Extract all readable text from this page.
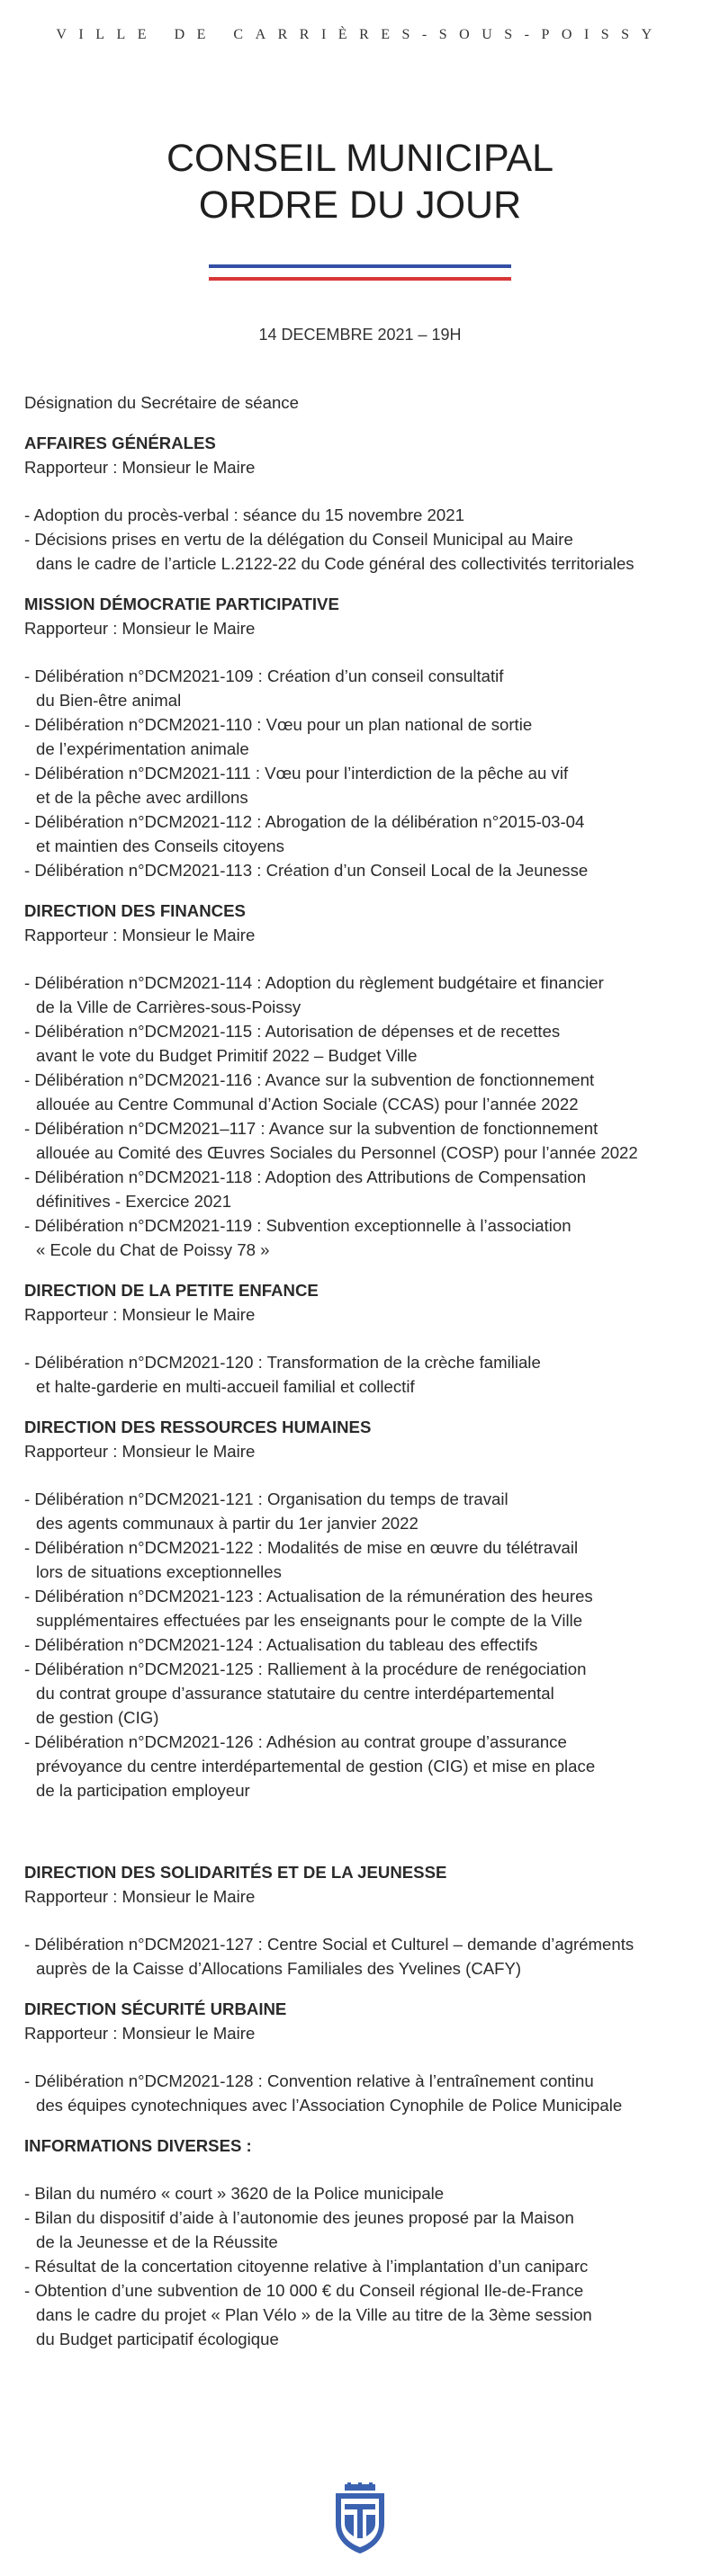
VILLE DE CARRIÈRES-SOUS-POISSY
CONSEIL MUNICIPAL
ORDRE DU JOUR
14 DECEMBRE 2021 – 19H

Désignation du Secrétaire de séance

AFFAIRES GÉNÉRALES

Rapporteur : Monsieur le Maire

- Adoption du procès-verbal : séance du 15 novembre 2021
- Décisions prises en vertu de la délégation du Conseil Municipal au Maire
dans le cadre de l’article L.2122-22 du Code général des collectivités territoriales

MISSION DÉMOCRATIE PARTICIPATIVE

Rapporteur : Monsieur le Maire

- Délibération n°DCM2021-109 : Création d’un conseil consultatif
du Bien-être animal
- Délibération n°DCM2021-110 : Vœu pour un plan national de sortie
de l’expérimentation animale
- Délibération n°DCM2021-111 : Vœu pour l’interdiction de la pêche au vif
et de la pêche avec ardillons
- Délibération n°DCM2021-112 : Abrogation de la délibération n°2015-03-04
et maintien des Conseils citoyens
- Délibération n°DCM2021-113 : Création d’un Conseil Local de la Jeunesse

DIRECTION DES FINANCES

Rapporteur : Monsieur le Maire

- Délibération n°DCM2021-114 : Adoption du règlement budgétaire et financier
de la Ville de Carrières-sous-Poissy
- Délibération n°DCM2021-115 : Autorisation de dépenses et de recettes
avant le vote du Budget Primitif 2022 – Budget Ville
- Délibération n°DCM2021-116 : Avance sur la subvention de fonctionnement
allouée au Centre Communal d’Action Sociale (CCAS) pour l’année 2022
- Délibération n°DCM2021–117 : Avance sur la subvention de fonctionnement
allouée au Comité des Œuvres Sociales du Personnel (COSP) pour l’année 2022
- Délibération n°DCM2021-118 : Adoption des Attributions de Compensation
définitives - Exercice 2021
- Délibération n°DCM2021-119 : Subvention exceptionnelle à l’association
« Ecole du Chat de Poissy 78 »

DIRECTION DE LA PETITE ENFANCE

Rapporteur : Monsieur le Maire

- Délibération n°DCM2021-120 : Transformation de la crèche familiale
et halte-garderie en multi-accueil familial et collectif

DIRECTION DES RESSOURCES HUMAINES

Rapporteur : Monsieur le Maire

- Délibération n°DCM2021-121 : Organisation du temps de travail
des agents communaux à partir du 1er janvier 2022
- Délibération n°DCM2021-122 : Modalités de mise en œuvre du télétravail
lors de situations exceptionnelles
- Délibération n°DCM2021-123 : Actualisation de la rémunération des heures
supplémentaires effectuées par les enseignants pour le compte de la Ville
- Délibération n°DCM2021-124 : Actualisation du tableau des effectifs
- Délibération n°DCM2021-125 : Ralliement à la procédure de renégociation
du contrat groupe d’assurance statutaire du centre interdépartemental
de gestion (CIG)
- Délibération n°DCM2021-126 : Adhésion au contrat groupe d’assurance
prévoyance du centre interdépartemental de gestion (CIG) et mise en place
de la participation employeur

DIRECTION DES SOLIDARITÉS ET DE LA JEUNESSE

Rapporteur : Monsieur le Maire

- Délibération n°DCM2021-127 : Centre Social et Culturel – demande d’agréments
auprès de la Caisse d’Allocations Familiales des Yvelines (CAFY)

DIRECTION SÉCURITÉ URBAINE

Rapporteur : Monsieur le Maire

- Délibération n°DCM2021-128 : Convention relative à l’entraînement continu
des équipes cynotechniques avec l’Association Cynophile de Police Municipale

INFORMATIONS DIVERSES :

- Bilan du numéro « court » 3620 de la Police municipale
- Bilan du dispositif d’aide à l’autonomie des jeunes proposé par la Maison
de la Jeunesse et de la Réussite
- Résultat de la concertation citoyenne relative à l’implantation d’un caniparc
- Obtention d’une subvention de 10 000 € du Conseil régional Ile-de-France
dans le cadre du projet « Plan Vélo » de la Ville au titre de la 3ème session
du Budget participatif écologique
